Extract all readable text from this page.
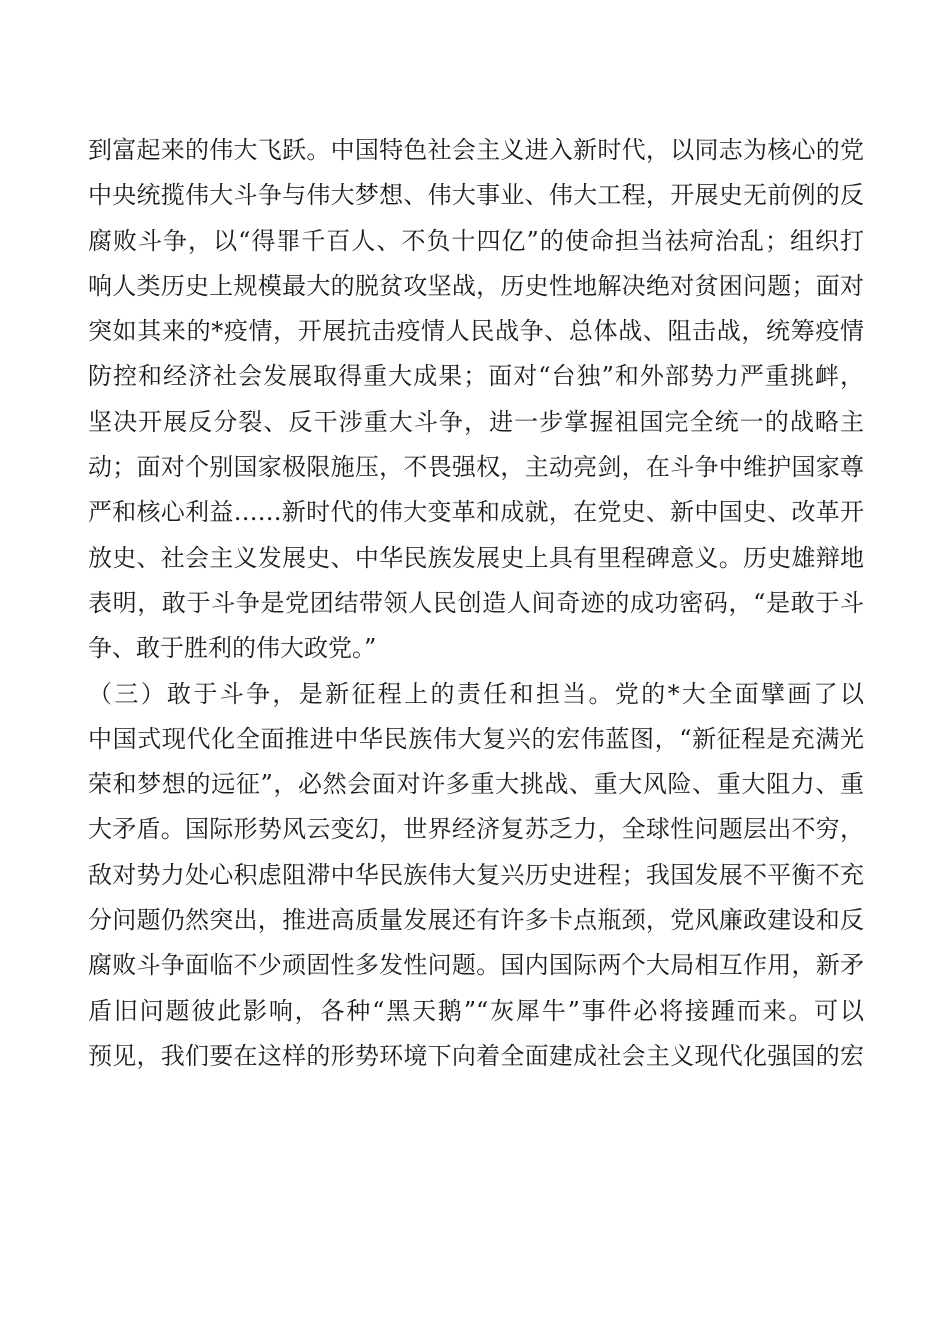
到富起来的伟大飞跃。中国特色社会主义进入新时代，以同志为核心的党
中央统揽伟大斗争与伟大梦想、伟大事业、伟大工程，开展史无前例的反
腐败斗争，以“得罪千百人、不负十四亿”的使命担当祛疴治乱；组织打
响人类历史上规模最大的脱贫攻坚战，历史性地解决绝对贫困问题；面对
突如其来的*疫情，开展抗击疫情人民战争、总体战、阻击战，统筹疫情
防控和经济社会发展取得重大成果；面对“台独”和外部势力严重挑衅，
坚决开展反分裂、反干涉重大斗争，进一步掌握祖国完全统一的战略主
动；面对个别国家极限施压，不畏强权，主动亮剑，在斗争中维护国家尊
严和核心利益……新时代的伟大变革和成就，在党史、新中国史、改革开
放史、社会主义发展史、中华民族发展史上具有里程碑意义。历史雄辩地
表明，敢于斗争是党团结带领人民创造人间奇迹的成功密码，“是敢于斗
争、敢于胜利的伟大政党。”
（三）敢于斗争，是新征程上的责任和担当。党的*大全面擘画了以
中国式现代化全面推进中华民族伟大复兴的宏伟蓝图，“新征程是充满光
荣和梦想的远征”，必然会面对许多重大挑战、重大风险、重大阻力、重
大矛盾。国际形势风云变幻，世界经济复苏乏力，全球性问题层出不穷，
敌对势力处心积虑阻滞中华民族伟大复兴历史进程；我国发展不平衡不充
分问题仍然突出，推进高质量发展还有许多卡点瓶颈，党风廉政建设和反
腐败斗争面临不少顽固性多发性问题。国内国际两个大局相互作用，新矛
盾旧问题彼此影响，各种“黑天鹅”“灰犀牛”事件必将接踵而来。可以
预见，我们要在这样的形势环境下向着全面建成社会主义现代化强国的宏
